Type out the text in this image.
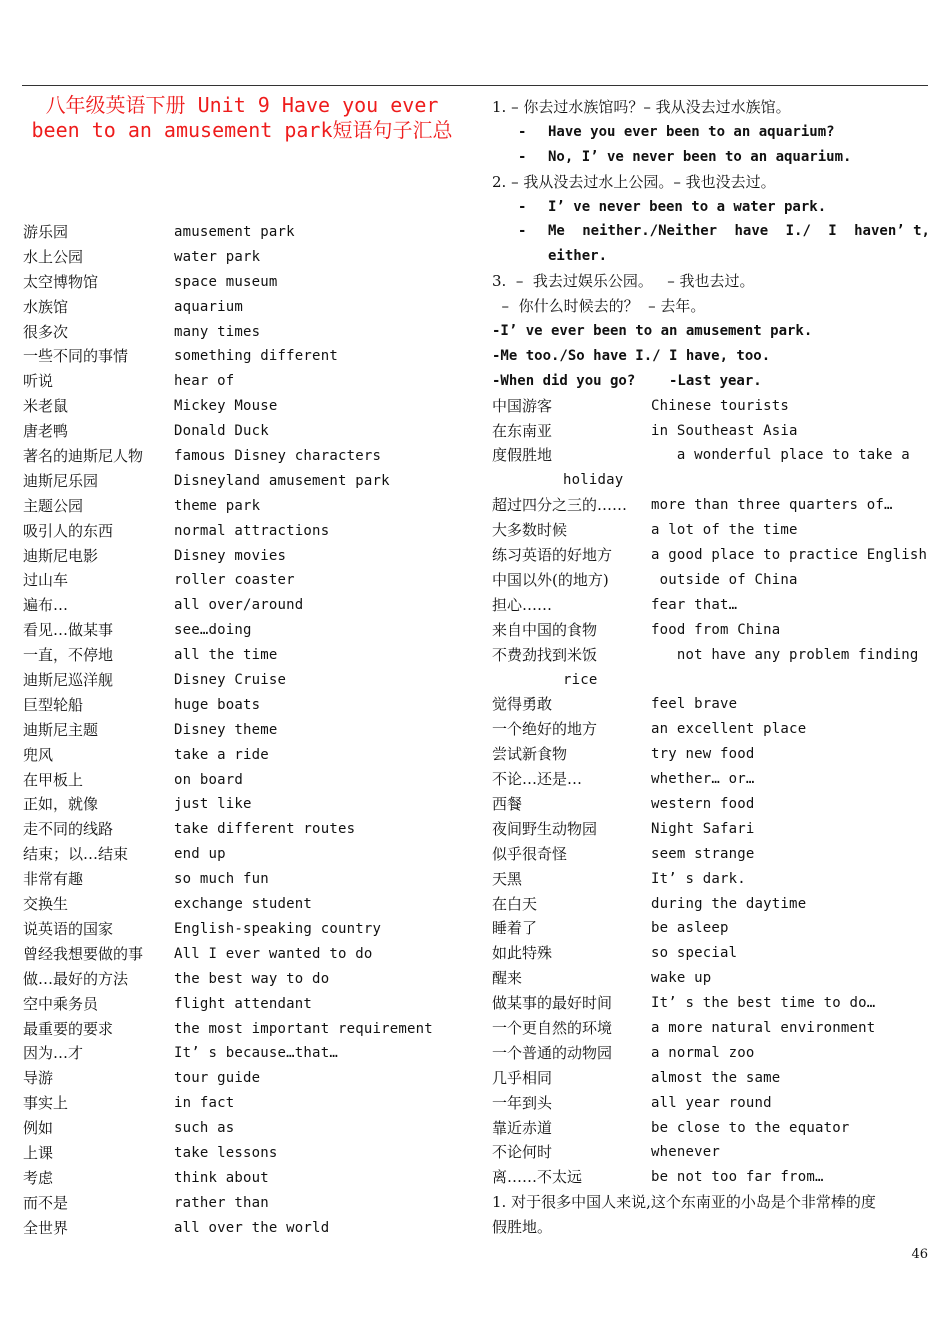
八年级英语下册 Unit 9 Have you ever
been to an amusement park短语句子汇总
游乐园	amusement park
水上公园	water park
太空博物馆	space museum
水族馆	aquarium
很多次	many times
一些不同的事情	something different
听说	hear of
米老鼠	Mickey Mouse
唐老鸭	Donald Duck
著名的迪斯尼人物 famous Disney characters
迪斯尼乐园	Disneyland amusement park
主题公园	theme park
吸引人的东西	normal attractions
迪斯尼电影	Disney movies
过山车	roller coaster
遍布…	all over/around
看见…做某事	see…doing
一直，不停地	all the time
迪斯尼巡洋舰	Disney Cruise
巨型轮船	huge boats
迪斯尼主题	Disney theme
兜风	take a ride
在甲板上	on board
正如，就像	just like
走不同的线路	take different routes
结束；以…结束	end up
非常有趣	so much fun
交换生	exchange student
说英语的国家	English-speaking country
曾经我想要做的事 All I ever wanted to do
做…最好的方法	the best way to do
空中乘务员	flight attendant
最重要的要求	the most important requirement
因为…才	It’ s because…that…
导游	tour guide
事实上	in fact
例如	such as
上课	take lessons
考虑	think about
而不是	rather than
全世界	all over the world
1. – 你去过水族馆吗？– 我从没去过水族馆。
- Have you ever been to an aquarium?
- No, I’ ve never been to an aquarium.
2. – 我从没去过水上公园。– 我也没去过。
- I’ ve never been to a water park.
- Me neither./Neither have I./ I haven’ t,
either.
3.  –  我去过娱乐公园。   – 我也去过。
–  你什么时候去的？  – 去年。
-I’ ve ever been to an amusement park.
-Me too./So have I./ I have, too.
-When did you go?    -Last year.
中国游客	Chinese tourists
在东南亚	in Southeast Asia
度假胜地	a wonderful place to take a
holiday
超过四分之三的…… more than three quarters of…
大多数时候	a lot of the time
练习英语的好地方	a good place to practice English
中国以外(的地方)	outside of China
担心……	fear that…
来自中国的食物	food from China
不费劲找到米饭	not have any problem finding
rice
觉得勇敢	feel brave
一个绝好的地方	an excellent place
尝试新食物	try new food
不论…还是…	whether… or…
西餐	western food
夜间野生动物园	Night Safari
似乎很奇怪	seem strange
天黑	It’ s dark.
在白天	during the daytime
睡着了	be asleep
如此特殊	so special
醒来	wake up
做某事的最好时间	It’ s the best time to do…
一个更自然的环境	a more natural environment
一个普通的动物园	a normal zoo
几乎相同	almost the same
一年到头	all year round
靠近赤道	be close to the equator
不论何时	whenever
离……不太远	be not too far from…
1. 对于很多中国人来说,这个东南亚的小岛是个非常棒的度
假胜地。
46
